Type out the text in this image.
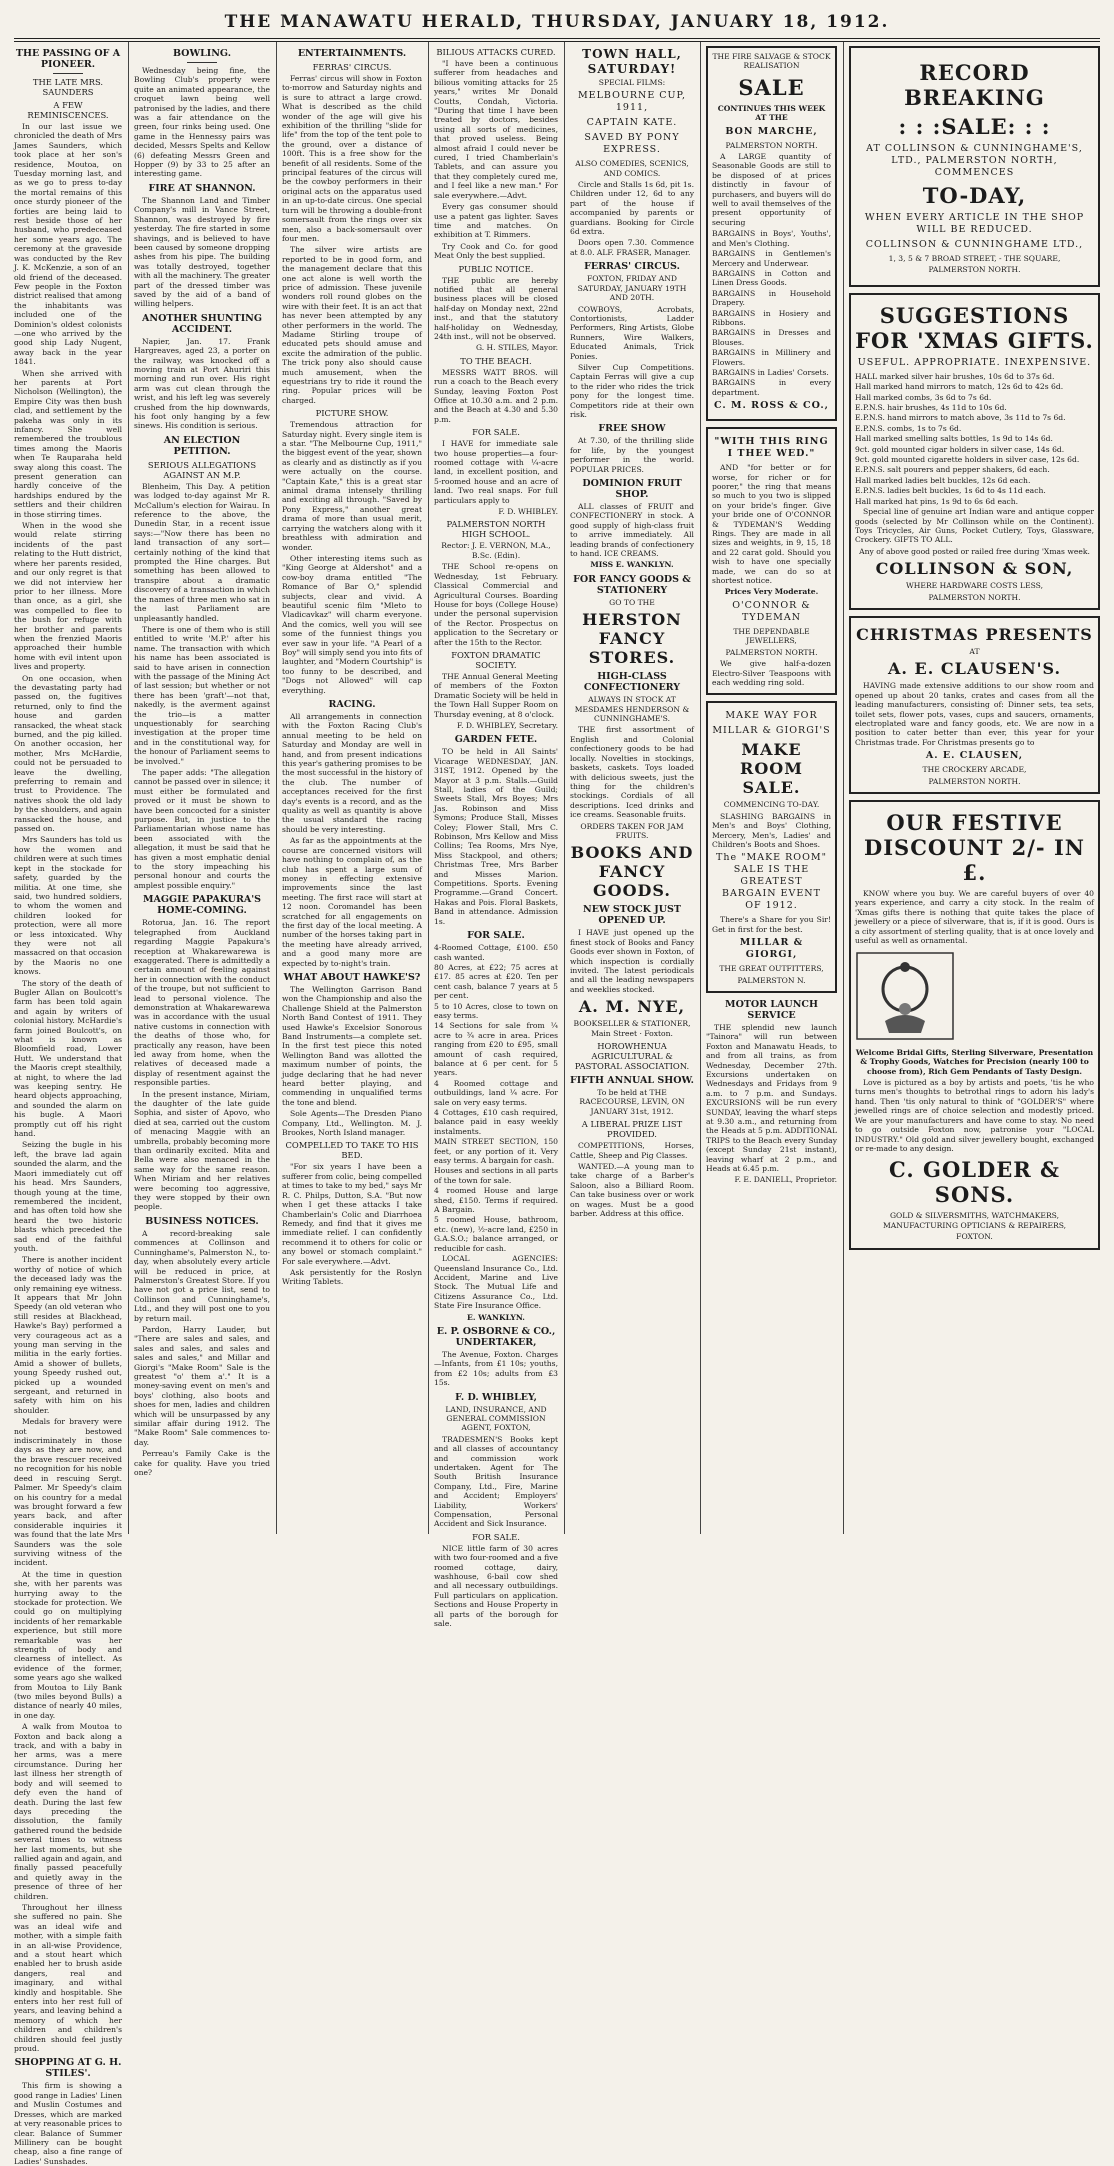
THE MANAWATU HERALD, THURSDAY, JANUARY 18, 1912.
THE PASSING OF A PIONEER.
THE LATE MRS. SAUNDERS
A FEW REMINISCENCES.

In our last issue we chronicled the death of Mrs James Saunders, which took place at her son's residence, Moutoa, on Tuesday morning last, and as we go to press to-day the mortal remains of this once sturdy pioneer of the forties are being laid to rest beside those of her husband, who predeceased her some years ago. The ceremony at the graveside was conducted by the Rev J. K. McKenzie, a son of an old friend of the deceased. Few people in the Foxton district realised that among the inhabitants was included one of the Dominion's oldest colonists—one who arrived by the good ship Lady Nugent, away back in the year 1841.

When she arrived with her parents at Port Nicholson (Wellington), the Empire City was then bush clad, and settlement by the pakeha was only in its infancy. She well remembered the troublous times among the Maoris when Te Rauparaha held sway along this coast. The present generation can hardly conceive of the hardships endured by the settlers and their children in those stirring times.

When in the wood she would relate stirring incidents of the past relating to the Hutt district, where her parents resided, and our only regret is that we did not interview her prior to her illness. More than once, as a girl, she was compelled to flee to the bush for refuge with her brother and parents when the frenzied Maoris approached their humble home with evil intent upon lives and property.

On one occasion, when the devastating party had passed on, the fugitives returned, only to find the house and garden ransacked, the wheat stack burned, and the pig killed. On another occasion, her mother, Mrs McHardie, could not be persuaded to leave the dwelling, preferring to remain and trust to Providence. The natives shook the old lady by the shoulders, and again ransacked the house, and passed on.

Mrs Saunders has told us how the women and children were at such times kept in the stockade for safety, guarded by the militia. At one time, she said, two hundred soldiers, to whom the women and children looked for protection, were all more or less intoxicated. Why they were not all massacred on that occasion by the Maoris no one knows.

The story of the death of Bugler Allan on Boulcott's farm has been told again and again by writers of colonial history. McHardie's farm joined Boulcott's, on what is known as Bloomfield road, Lower Hutt. We understand that the Maoris crept stealthily, at night, to where the lad was keeping sentry. He heard objects approaching, and sounded the alarm on his bugle. A Maori promptly cut off his right hand.

Seizing the bugle in his left, the brave lad again sounded the alarm, and the Maori immediately cut off his head. Mrs Saunders, though young at the time, remembered the incident, and has often told how she heard the two historic blasts which preceded the sad end of the faithful youth.

There is another incident worthy of notice of which the deceased lady was the only remaining eye witness. It appears that Mr John Speedy (an old veteran who still resides at Blackhead, Hawke's Bay) performed a very courageous act as a young man serving in the militia in the early forties. Amid a shower of bullets, young Speedy rushed out, picked up a wounded sergeant, and returned in safety with him on his shoulder.

Medals for bravery were not bestowed indiscriminately in those days as they are now, and the brave rescuer received no recognition for his noble deed in rescuing Sergt. Palmer. Mr Speedy's claim on his country for a medal was brought forward a few years back, and after considerable inquiries it was found that the late Mrs Saunders was the sole surviving witness of the incident.

At the time in question she, with her parents was hurrying away to the stockade for protection. We could go on multiplying incidents of her remarkable experience, but still more remarkable was her strength of body and clearness of intellect. As evidence of the former, some years ago she walked from Moutoa to Lily Bank (two miles beyond Bulls) a distance of nearly 40 miles, in one day.

A walk from Moutoa to Foxton and back along a track, and with a baby in her arms, was a mere circumstance. During her last illness her strength of body and will seemed to defy even the hand of death. During the last few days preceding the dissolution, the family gathered round the bedside several times to witness her last moments, but she rallied again and again, and finally passed peacefully and quietly away in the presence of three of her children.

Throughout her illness she suffered no pain. She was an ideal wife and mother, with a simple faith in an all-wise Providence, and a stout heart which enabled her to brush aside dangers, real and imaginary, and withal kindly and hospitable. She enters into her rest full of years, and leaving behind a memory of which her children and children's children should feel justly proud.

SHOPPING AT G. H. STILES'.

This firm is showing a good range in Ladies' Linen and Muslin Costumes and Dresses, which are marked at very reasonable prices to clear. Balance of Summer Millinery can be bought cheap, also a fine range of Ladies' Sunshades.

BOWLING.

Wednesday being fine, the Bowling Club's property were quite an animated appearance, the croquet lawn being well patronised by the ladies, and there was a fair attendance on the green, four rinks being used. One game in the Hennessy pairs was decided, Messrs Spelts and Kellow (6) defeating Messrs Green and Hopper (9) by 33 to 25 after an interesting game.

FIRE AT SHANNON.

The Shannon Land and Timber Company's mill in Vance Street, Shannon, was destroyed by fire yesterday. The fire started in some shavings, and is believed to have been caused by someone dropping ashes from his pipe. The building was totally destroyed, together with all the machinery. The greater part of the dressed timber was saved by the aid of a band of willing helpers.

ANOTHER SHUNTING ACCIDENT.

Napier, Jan. 17. Frank Hargreaves, aged 23, a porter on the railway, was knocked off a moving train at Port Ahuriri this morning and run over. His right arm was cut clean through the wrist, and his left leg was severely crushed from the hip downwards, his foot only hanging by a few sinews. His condition is serious.

AN ELECTION PETITION.
SERIOUS ALLEGATIONS AGAINST AN M.P.

Blenheim, This Day. A petition was lodged to-day against Mr R. McCallum's election for Wairau. In reference to the above, the Dunedin Star, in a recent issue says:—"Now there has been no land transaction of any sort—certainly nothing of the kind that prompted the Hine charges. But something has been allowed to transpire about a dramatic discovery of a transaction in which the names of three men who sat in the last Parliament are unpleasantly handled.

There is one of them who is still entitled to write 'M.P.' after his name. The transaction with which his name has been associated is said to have arisen in connection with the passage of the Mining Act of last session; but whether or not there has been 'graft'—not that, nakedly, is the averment against the trio—is a matter unquestionably for searching investigation at the proper time and in the constitutional way, for the honour of Parliament seems to be involved."

The paper adds: "The allegation cannot be passed over in silence; it must either be formulated and proved or it must be shown to have been concocted for a sinister purpose. But, in justice to the Parliamentarian whose name has been associated with the allegation, it must be said that he has given a most emphatic denial to the story impeaching his personal honour and courts the amplest possible enquiry."

MAGGIE PAPAKURA'S HOME-COMING.

Rotorua, Jan. 16. The report telegraphed from Auckland regarding Maggie Papakura's reception at Whakarewarewa is exaggerated. There is admittedly a certain amount of feeling against her in connection with the conduct of the troupe, but not sufficient to lead to personal violence. The demonstration at Whakarewarewa was in accordance with the usual native customs in connection with the deaths of those who, for practically any reason, have been led away from home, when the relatives of deceased made a display of resentment against the responsible parties.

In the present instance, Miriam, the daughter of the late guide Sophia, and sister of Apovo, who died at sea, carried out the custom of menacing Maggie with an umbrella, probably becoming more than ordinarily excited. Mita and Bella were also menaced in the same way for the same reason. When Miriam and her relatives were becoming too aggressive, they were stopped by their own people.

BUSINESS NOTICES.

A record-breaking sale commences at Collinson and Cunninghame's, Palmerston N., to-day, when absolutely every article will be reduced in price, at Palmerston's Greatest Store. If you have not got a price list, send to Collinson and Cunninghame's, Ltd., and they will post one to you by return mail.

Pardon, Harry Lauder, but "There are sales and sales, and sales and sales, and sales and sales and sales," and Millar and Giorgi's "Make Room" Sale is the greatest "o' them a'." It is a money-saving event on men's and boys' clothing, also boots and shoes for men, ladies and children which will be unsurpassed by any similar affair during 1912. The "Make Room" Sale commences to-day.

Perreau's Family Cake is the cake for quality. Have you tried one?

ENTERTAINMENTS.
FERRAS' CIRCUS.

Ferras' circus will show in Foxton to-morrow and Saturday nights and is sure to attract a large crowd. What is described as the child wonder of the age will give his exhibition of the thrilling "slide for life" from the top of the tent pole to the ground, over a distance of 100ft. This is a free show for the benefit of all residents. Some of the principal features of the circus will be the cowboy performers in their original acts on the apparatus used in an up-to-date circus. One special turn will be throwing a double-front somersault from the rings over six men, also a back-somersault over four men.

The silver wire artists are reported to be in good form, and the management declare that this one act alone is well worth the price of admission. These juvenile wonders roll round globes on the wire with their feet. It is an act that has never been attempted by any other performers in the world. The Madame Stirling troupe of educated pets should amuse and excite the admiration of the public. The trick pony also should cause much amusement, when the equestrians try to ride it round the ring. Popular prices will be charged.

PICTURE SHOW.

Tremendous attraction for Saturday night. Every single item is a star. "The Melbourne Cup, 1911," the biggest event of the year, shown as clearly and as distinctly as if you were actually on the course. "Captain Kate," this is a great star animal drama intensely thrilling and exciting all through. "Saved by Pony Express," another great drama of more than usual merit, carrying the watchers along with it breathless with admiration and wonder.

Other interesting items such as "King George at Aldershot" and a cow-boy drama entitled "The Romance of Bar O," splendid subjects, clear and vivid. A beautiful scenic film "Mleto to Vladicavkaz" will charm everyone. And the comics, well you will see some of the funniest things you ever saw in your life. "A Pearl of a Boy" will simply send you into fits of laughter, and "Modern Courtship" is too funny to be described, and "Dogs not Allowed" will cap everything.

RACING.

All arrangements in connection with the Foxton Racing Club's annual meeting to be held on Saturday and Monday are well in hand, and from present indications this year's gathering promises to be the most successful in the history of the club. The number of acceptances received for the first day's events is a record, and as the quality as well as quantity is above the usual standard the racing should be very interesting.

As far as the appointments at the course are concerned visitors will have nothing to complain of, as the club has spent a large sum of money in effecting extensive improvements since the last meeting. The first race will start at 12 noon. Coromandel has been scratched for all engagements on the first day of the local meeting. A number of the horses taking part in the meeting have already arrived, and a good many more are expected by to-night's train.

WHAT ABOUT HAWKE'S?

The Wellington Garrison Band won the Championship and also the Challenge Shield at the Palmerston North Band Contest of 1911. They used Hawke's Excelsior Sonorous Band Instruments—a complete set. In the first test piece this noted Wellington Band was allotted the maximum number of points, the judge declaring that he had never heard better playing, and commending in unqualified terms the tone and blend.

Sole Agents—The Dresden Piano Company, Ltd., Wellington. M. J. Brookes, North Island manager.

COMPELLED TO TAKE TO HIS BED.

"For six years I have been a sufferer from colic, being compelled at times to take to my bed," says Mr R. C. Philps, Dutton, S.A. "But now when I get these attacks I take Chamberlain's Colic and Diarrhoea Remedy, and find that it gives me immediate relief. I can confidently recommend it to others for colic or any bowel or stomach complaint." For sale everywhere.—Advt.

Ask persistently for the Roslyn Writing Tablets.

BILIOUS ATTACKS CURED.

"I have been a continuous sufferer from headaches and bilious vomiting attacks for 25 years," writes Mr Donald Coutts, Condah, Victoria. "During that time I have been treated by doctors, besides using all sorts of medicines, that proved useless. Being almost afraid I could never be cured, I tried Chamberlain's Tablets, and can assure you that they completely cured me, and I feel like a new man." For sale everywhere.—Advt.

Every gas consumer should use a patent gas lighter. Saves time and matches. On exhibition at T. Rimmers.

Try Cook and Co. for good Meat Only the best supplied.

PUBLIC NOTICE.

THE public are hereby notified that all general business places will be closed half-day on Monday next, 22nd inst., and that the statutory half-holiday on Wednesday, 24th inst., will not be observed.

G. H. STILES, Mayor.

TO THE BEACH.

MESSRS WATT BROS. will run a coach to the Beach every Sunday, leaving Foxton Post Office at 10.30 a.m. and 2 p.m. and the Beach at 4.30 and 5.30 p.m.

FOR SALE.

I HAVE for immediate sale two house properties—a four-roomed cottage with ¼-acre land, in excellent position, and 5-roomed house and an acre of land. Two real snaps. For full particulars apply to

F. D. WHIBLEY.

PALMERSTON NORTH HIGH SCHOOL.

Rector: J. E. VERNON, M.A., B.Sc. (Edin).

THE School re-opens on Wednesday, 1st February. Classical Commercial and Agricultural Courses. Boarding House for boys (College House) under the personal supervision of the Rector. Prospectus on application to the Secretary or after the 15th to the Rector.

FOXTON DRAMATIC SOCIETY.

THE Annual General Meeting of members of the Foxton Dramatic Society will be held in the Town Hall Supper Room on Thursday evening, at 8 o'clock.

F. D. WHIBLEY, Secretary.

GARDEN FETE.

TO be held in All Saints' Vicarage WEDNESDAY, JAN. 31ST, 1912. Opened by the Mayor at 3 p.m. Stalls.—Guild Stall, ladies of the Guild; Sweets Stall, Mrs Boyes; Mrs Jas. Robinson and Miss Symons; Produce Stall, Misses Coley; Flower Stall, Mrs C. Robinson, Mrs Kellow and Miss Collins; Tea Rooms, Mrs Nye, Miss Stackpool, and others; Christmas Tree, Mrs Barber and Misses Marion. Competitions. Sports. Evening Programme.—Grand Concert. Hakas and Pois. Floral Baskets, Band in attendance. Admission 1s.

FOR SALE.
4-Roomed Cottage, £100. £50 cash wanted.
80 Acres, at £22; 75 acres at £17. 85 acres at £20. Ten per cent cash, balance 7 years at 5 per cent.
5 to 10 Acres, close to town on easy terms.
14 Sections for sale from ¼ acre to ¾ acre in area. Prices ranging from £20 to £95, small amount of cash required, balance at 6 per cent. for 5 years.
4 Roomed cottage and outbuildings, land ¼ acre. For sale on very easy terms.
4 Cottages, £10 cash required, balance paid in easy weekly instalments.
MAIN STREET SECTION, 150 feet, or any portion of it. Very easy terms. A bargain for cash.
Houses and sections in all parts of the town for sale.
4 roomed House and large shed, £150. Terms if required. A Bargain.
5 roomed House, bathroom, etc. (new), ½-acre land, £250 in G.A.S.O.; balance arranged, or reducible for cash.

LOCAL AGENCIES: Queensland Insurance Co., Ltd. Accident, Marine and Live Stock. The Mutual Life and Citizens Assurance Co., Ltd. State Fire Insurance Office.

E. WANKLYN.

E. P. OSBORNE & CO., UNDERTAKER,

The Avenue, Foxton. Charges—Infants, from £1 10s; youths, from £2 10s; adults from £3 15s.

F. D. WHIBLEY,

LAND, INSURANCE, AND GENERAL COMMISSION AGENT, FOXTON,

TRADESMEN'S Books kept and all classes of accountancy and commission work undertaken. Agent for The South British Insurance Company, Ltd., Fire, Marine and Accident; Employers' Liability, Workers' Compensation, Personal Accident and Sick Insurance.

FOR SALE.

NICE little farm of 30 acres with two four-roomed and a five roomed cottage, dairy, washhouse, 6-bail cow shed and all necessary outbuildings. Full particulars on application. Sections and House Property in all parts of the borough for sale.

TOWN HALL,
SATURDAY!

SPECIAL FILMS:

MELBOURNE CUP, 1911,
CAPTAIN KATE.
SAVED BY PONY EXPRESS.

ALSO COMEDIES, SCENICS, AND COMICS.

Circle and Stalls 1s 6d, pit 1s. Children under 12, 6d to any part of the house if accompanied by parents or guardians. Booking for Circle 6d extra.

Doors open 7.30. Commence at 8.0. ALF. FRASER, Manager.

FERRAS' CIRCUS.

FOXTON, FRIDAY AND SATURDAY, JANUARY 19TH AND 20TH.

COWBOYS, Acrobats, Contortionists, Ladder Performers, Ring Artists, Globe Runners, Wire Walkers, Educated Animals, Trick Ponies.

Silver Cup Competitions. Captain Ferras will give a cup to the rider who rides the trick pony for the longest time. Competitors ride at their own risk.

FREE SHOW

At 7.30, of the thrilling slide for life, by the youngest performer in the world. POPULAR PRICES.

DOMINION FRUIT SHOP.

ALL classes of FRUIT and CONFECTIONERY in stock. A good supply of high-class fruit to arrive immediately. All leading brands of confectionery to hand. ICE CREAMS.

MISS E. WANKLYN.

FOR FANCY GOODS & STATIONERY

GO TO THE

HERSTON FANCY STORES.
HIGH-CLASS CONFECTIONERY

ALWAYS IN STOCK AT MESDAMES HENDERSON & CUNNINGHAME'S.

THE first assortment of English and Colonial confectionery goods to be had locally. Novelties in stockings, baskets, caskets. Toys loaded with delicious sweets, just the thing for the children's stockings. Cordials of all descriptions. Iced drinks and ice creams. Seasonable fruits.

ORDERS TAKEN FOR JAM FRUITS.

BOOKS AND FANCY GOODS.
NEW STOCK JUST OPENED UP.

I HAVE just opened up the finest stock of Books and Fancy Goods ever shown in Foxton, of which inspection is cordially invited. The latest periodicals and all the leading newspapers and weeklies stocked.

A. M. NYE,

BOOKSELLER & STATIONER, Main Street · Foxton.

HOROWHENUA AGRICULTURAL & PASTORAL ASSOCIATION.
FIFTH ANNUAL SHOW.

To be held at THE RACECOURSE, LEVIN, ON JANUARY 31st, 1912.

A LIBERAL PRIZE LIST PROVIDED.

COMPETITIONS, Horses, Cattle, Sheep and Pig Classes.

WANTED.—A young man to take charge of a Barber's Saloon, also a Billiard Room. Can take business over or work on wages. Must be a good barber. Address at this office.

THE FIRE SALVAGE & STOCK REALISATION

SALE

CONTINUES THIS WEEK AT THE

BON MARCHE,

PALMERSTON NORTH.

A LARGE quantity of Seasonable Goods are still to be disposed of at prices distinctly in favour of purchasers, and buyers will do well to avail themselves of the present opportunity of securing

BARGAINS in Boys', Youths', and Men's Clothing.
BARGAINS in Gentlemen's Mercery and Underwear.
BARGAINS in Cotton and Linen Dress Goods.
BARGAINS in Household Drapery.
BARGAINS in Hosiery and Ribbons.
BARGAINS in Dresses and Blouses.
BARGAINS in Millinery and Flowers.
BARGAINS in Ladies' Corsets.
BARGAINS in every department.
C. M. ROSS & CO.,
"WITH THIS RING I THEE WED."

AND "for better or for worse, for richer or for poorer," the ring that means so much to you two is slipped on your bride's finger. Give your bride one of O'CONNOR & TYDEMAN'S Wedding Rings. They are made in all sizes and weights, in 9, 15, 18 and 22 carat gold. Should you wish to have one specially made, we can do so at shortest notice.

Prices Very Moderate.

O'CONNOR & TYDEMAN

THE DEPENDABLE JEWELLERS,

PALMERSTON NORTH.

We give half-a-dozen Electro-Silver Teaspoons with each wedding ring sold.

MAKE WAY FOR
MILLAR & GIORGI'S
MAKE ROOM SALE.

COMMENCING TO-DAY.

SLASHING BARGAINS in Men's and Boys' Clothing, Mercery, Men's, Ladies' and Children's Boots and Shoes.

The "MAKE ROOM" SALE IS THE GREATEST BARGAIN EVENT OF 1912.

There's a Share for you Sir! Get in first for the best.

MILLAR & GIORGI,

THE GREAT OUTFITTERS,

PALMERSTON N.

MOTOR LAUNCH SERVICE

THE splendid new launch "Tainora" will run between Foxton and Manawatu Heads, to and from all trains, as from Wednesday, December 27th. Excursions undertaken on Wednesdays and Fridays from 9 a.m. to 7 p.m. and Sundays. EXCURSIONS will be run every SUNDAY, leaving the wharf steps at 9.30 a.m., and returning from the Heads at 5 p.m. ADDITIONAL TRIPS to the Beach every Sunday (except Sunday 21st instant), leaving wharf at 2 p.m., and Heads at 6.45 p.m.

F. E. DANIELL, Proprietor.

RECORD BREAKING
: : :SALE: : :
AT COLLINSON & CUNNINGHAME'S, LTD., PALMERSTON NORTH, COMMENCES
TO-DAY,
WHEN EVERY ARTICLE IN THE SHOP WILL BE REDUCED.
COLLINSON & CUNNINGHAME LTD.,

1, 3, 5 & 7 BROAD STREET, - THE SQUARE,

PALMERSTON NORTH.

SUGGESTIONS FOR 'XMAS GIFTS.
USEFUL. APPROPRIATE. INEXPENSIVE.
HALL marked silver hair brushes, 10s 6d to 37s 6d.
Hall marked hand mirrors to match, 12s 6d to 42s 6d.
Hall marked combs, 3s 6d to 7s 6d.
E.P.N.S. hair brushes, 4s 11d to 10s 6d.
E.P.N.S. hand mirrors to match above, 3s 11d to 7s 6d.
E.P.N.S. combs, 1s to 7s 6d.
Hall marked smelling salts bottles, 1s 9d to 14s 6d.
9ct. gold mounted cigar holders in silver case, 14s 6d.
9ct. gold mounted cigarette holders in silver case, 12s 6d.
E.P.N.S. salt pourers and pepper shakers, 6d each.
Hall marked ladies belt buckles, 12s 6d each.
E.P.N.S. ladies belt buckles, 1s 6d to 4s 11d each.
Hall marked hat pins, 1s 9d to 6s 6d each.

Special line of genuine art Indian ware and antique copper goods (selected by Mr Collinson while on the Continent). Toys Tricycles, Air Guns, Pocket Cutlery, Toys, Glassware, Crockery. GIFTS TO ALL.

Any of above good posted or railed free during 'Xmas week.

COLLINSON & SON,

WHERE HARDWARE COSTS LESS,

PALMERSTON NORTH.

CHRISTMAS PRESENTS

AT

A. E. CLAUSEN'S.

HAVING made extensive additions to our show room and opened up about 20 tanks, crates and cases from all the leading manufacturers, consisting of: Dinner sets, tea sets, toilet sets, flower pots, vases, cups and saucers, ornaments, electroplated ware and fancy goods, etc. We are now in a position to cater better than ever, this year for your Christmas trade. For Christmas presents go to

A. E. CLAUSEN,

THE CROCKERY ARCADE,

PALMERSTON NORTH.

OUR FESTIVE DISCOUNT 2/- IN £.

KNOW where you buy. We are careful buyers of over 40 years experience, and carry a city stock. In the realm of 'Xmas gifts there is nothing that quite takes the place of jewellery or a piece of silverware, that is, if it is good. Ours is a city assortment of sterling quality, that is at once lovely and useful as well as ornamental.

Welcome Bridal Gifts, Sterling Silverware, Presentation & Trophy Goods, Watches for Precision (nearly 100 to choose from), Rich Gem Pendants of Tasty Design.

Love is pictured as a boy by artists and poets, 'tis he who turns men's thoughts to betrothal rings to adorn his lady's hand. Then 'tis only natural to think of "GOLDER'S" where jewelled rings are of choice selection and modestly priced. We are your manufacturers and have come to stay. No need to go outside Foxton now, patronise your "LOCAL INDUSTRY." Old gold and silver jewellery bought, exchanged or re-made to any design.

C. GOLDER & SONS.

GOLD & SILVERSMITHS, WATCHMAKERS, MANUFACTURING OPTICIANS & REPAIRERS,

FOXTON.
